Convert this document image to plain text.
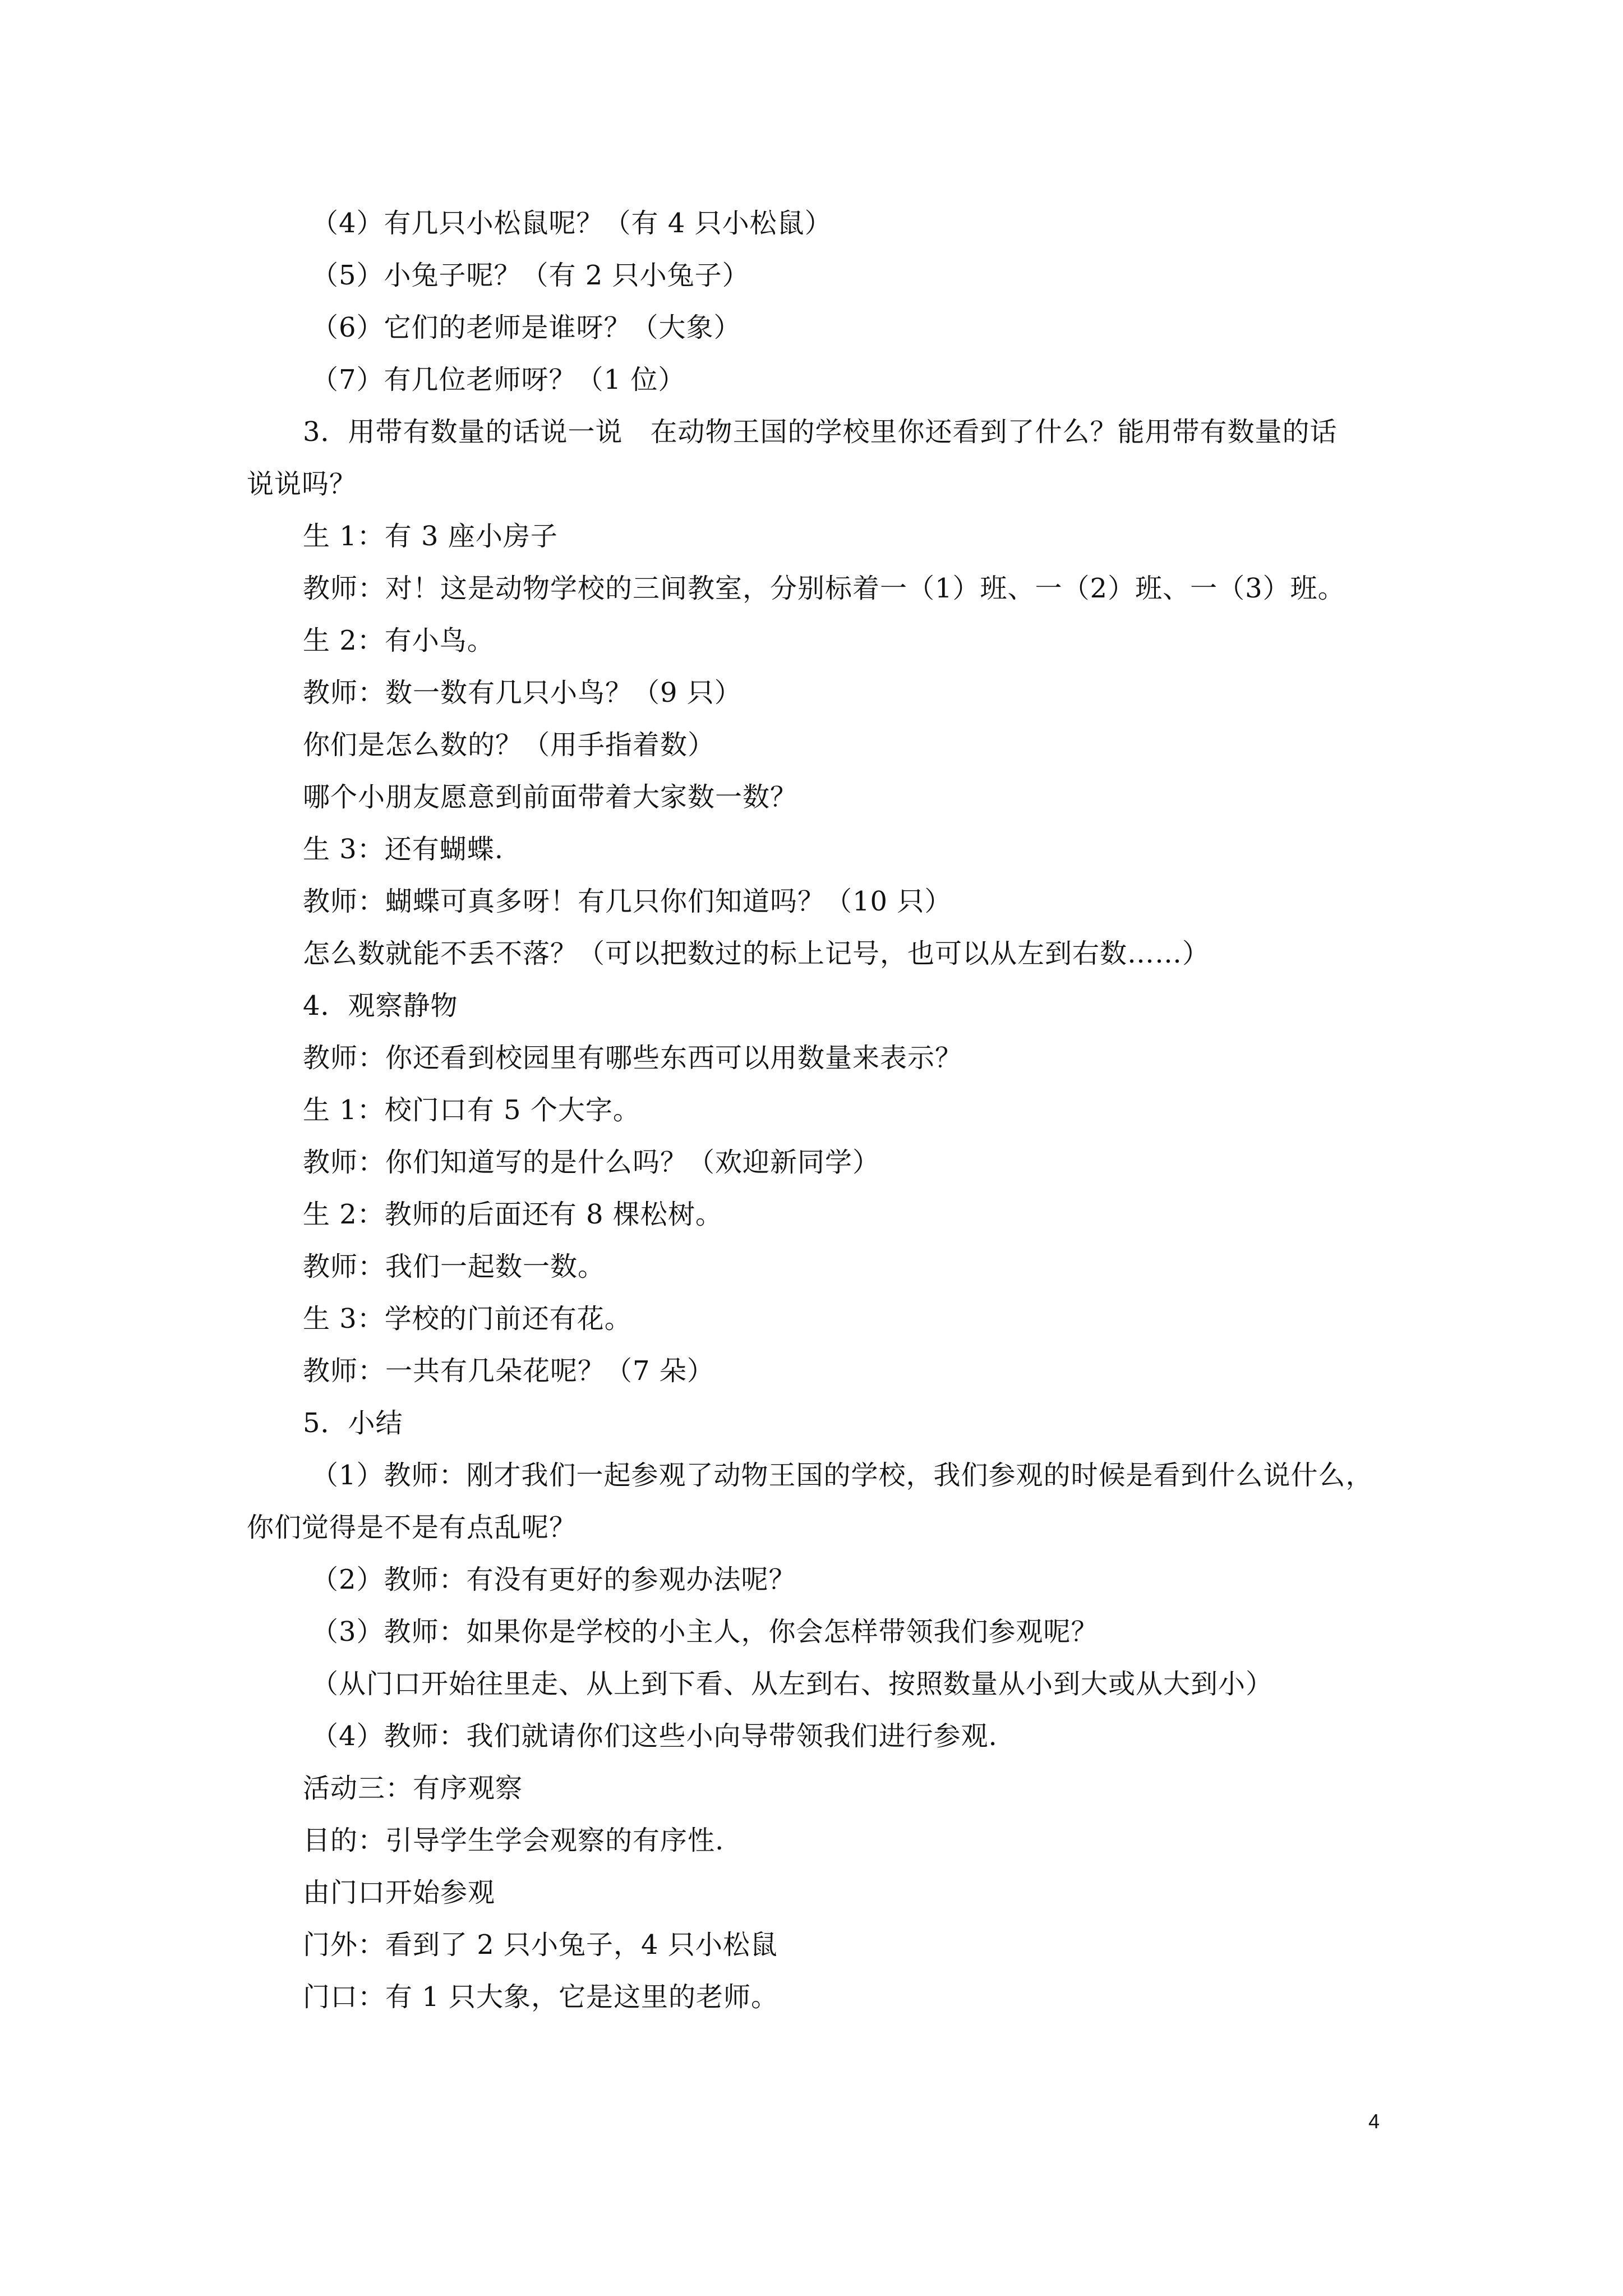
（4）有几只小松鼠呢？（有 4 只小松鼠）
（5）小兔子呢？（有 2 只小兔子）
（6）它们的老师是谁呀？（大象）
（7）有几位老师呀？（1 位）
3．用带有数量的话说一说　在动物王国的学校里你还看到了什么？能用带有数量的话
说说吗？
生 1：有 3 座小房子
教师：对！这是动物学校的三间教室，分别标着一（1）班、一（2）班、一（3）班。
生 2：有小鸟。
教师：数一数有几只小鸟？（9 只）
你们是怎么数的？（用手指着数）
哪个小朋友愿意到前面带着大家数一数？
生 3：还有蝴蝶.
教师：蝴蝶可真多呀！有几只你们知道吗？（10 只）
怎么数就能不丢不落？（可以把数过的标上记号，也可以从左到右数……）
4．观察静物
教师：你还看到校园里有哪些东西可以用数量来表示？
生 1：校门口有 5 个大字。
教师：你们知道写的是什么吗？（欢迎新同学）
生 2：教师的后面还有 8 棵松树。
教师：我们一起数一数。
生 3：学校的门前还有花。
教师：一共有几朵花呢？（7 朵）
5．小结
（1）教师：刚才我们一起参观了动物王国的学校，我们参观的时候是看到什么说什么，
你们觉得是不是有点乱呢？
（2）教师：有没有更好的参观办法呢？
（3）教师：如果你是学校的小主人，你会怎样带领我们参观呢？
（从门口开始往里走、从上到下看、从左到右、按照数量从小到大或从大到小）
（4）教师：我们就请你们这些小向导带领我们进行参观.
活动三：有序观察
目的：引导学生学会观察的有序性.
由门口开始参观
门外：看到了 2 只小兔子，4 只小松鼠
门口：有 1 只大象，它是这里的老师。
4
